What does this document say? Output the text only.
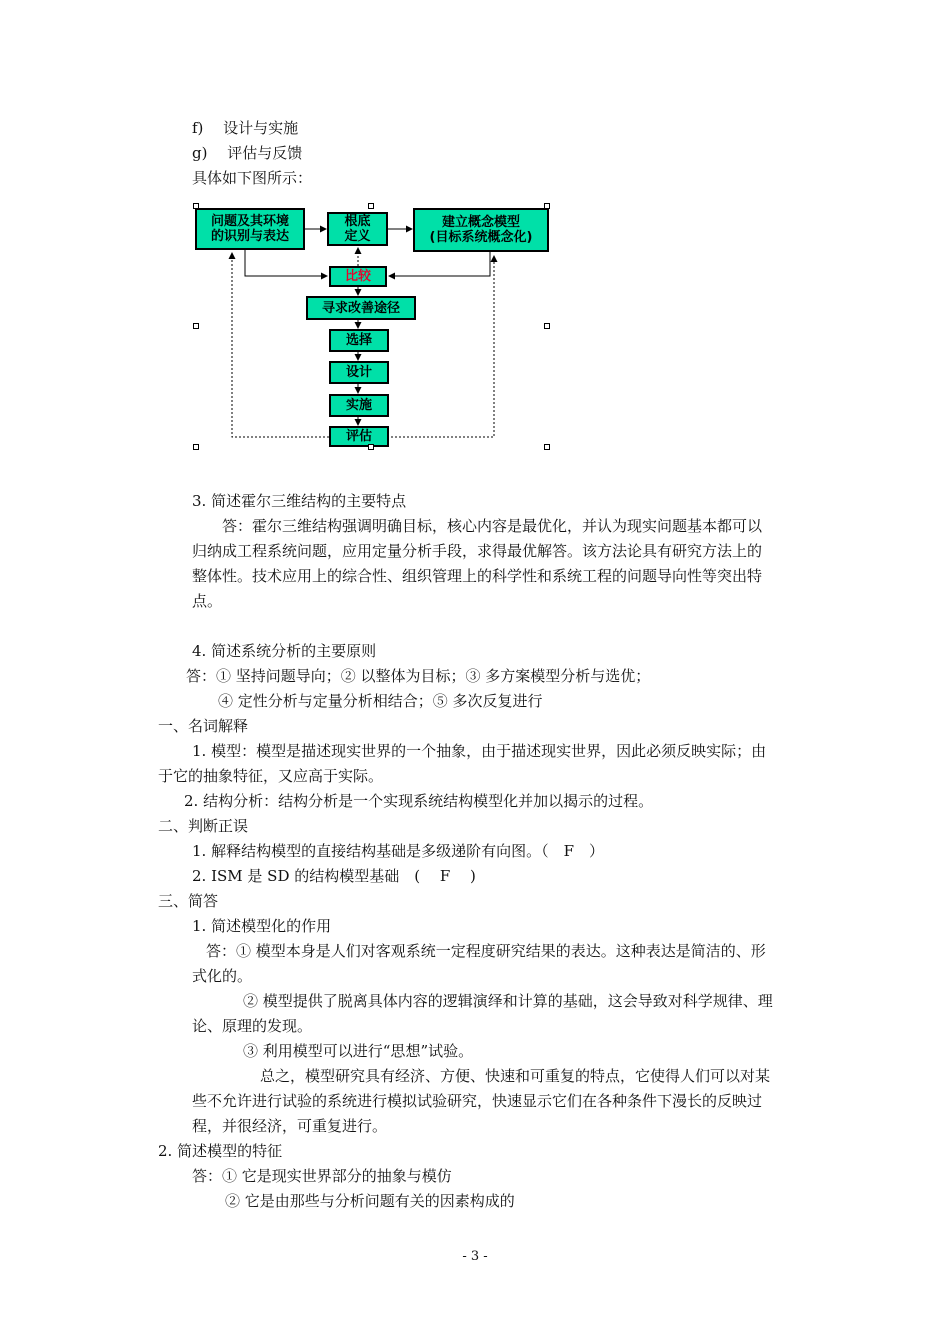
f)　 设计与实施
g)　 评估与反馈
具体如下图所示：
问题及其环境
的识别与表达
根底
定义
建立概念模型
(目标系统概念化)
比较
寻求改善途径
选择
设计
实施
评估
3. 简述霍尔三维结构的主要特点
答：霍尔三维结构强调明确目标，核心内容是最优化，并认为现实问题基本都可以
归纳成工程系统问题，应用定量分析手段，求得最优解答。该方法论具有研究方法上的
整体性。技术应用上的综合性、组织管理上的科学性和系统工程的问题导向性等突出特
点。
4. 简述系统分析的主要原则
答：① 坚持问题导向；② 以整体为目标；③ 多方案模型分析与选优；
④ 定性分析与定量分析相结合；⑤ 多次反复进行
一、名词解释
1. 模型：模型是描述现实世界的一个抽象，由于描述现实世界，因此必须反映实际；由
于它的抽象特征，又应高于实际。
2. 结构分析：结构分析是一个实现系统结构模型化并加以揭示的过程。
二、判断正误
1. 解释结构模型的直接结构基础是多级递阶有向图。（　F　）
2. ISM 是 SD 的结构模型基础　(　 F　 )
三、简答
1. 简述模型化的作用
答：① 模型本身是人们对客观系统一定程度研究结果的表达。这种表达是简洁的、形
式化的。
② 模型提供了脱离具体内容的逻辑演绎和计算的基础，这会导致对科学规律、理
论、原理的发现。
③ 利用模型可以进行“思想”试验。
总之，模型研究具有经济、方便、快速和可重复的特点，它使得人们可以对某
些不允许进行试验的系统进行模拟试验研究，快速显示它们在各种条件下漫长的反映过
程，并很经济，可重复进行。
2. 简述模型的特征
答：① 它是现实世界部分的抽象与模仿
② 它是由那些与分析问题有关的因素构成的
- 3 -
